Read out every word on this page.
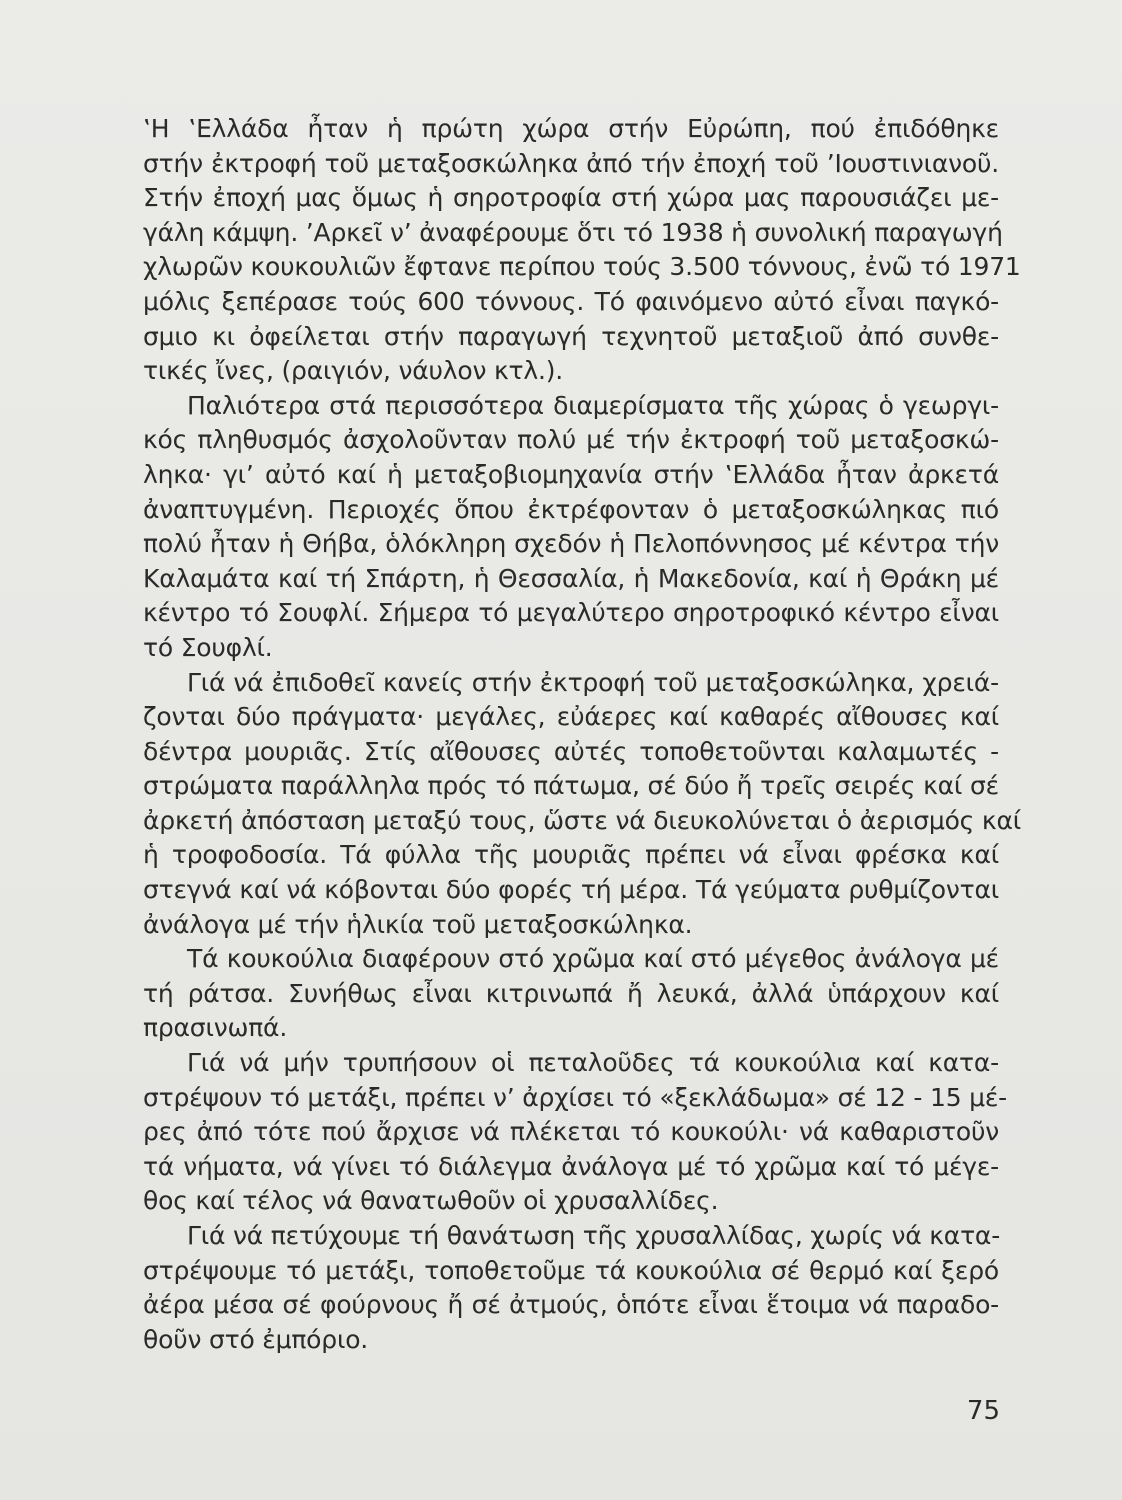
‛Η ‛Ελλάδα ἦταν ἡ πρώτη χώρα στήν Εὐρώπη, πού ἐπιδόθηκε
στήν ἐκτροφή τοῦ μεταξοσκώληκα ἀπό τήν ἐποχή τοῦ ’Ιουστινιανοῦ.
Στήν ἐποχή μας ὅμως ἡ σηροτροφία στή χώρα μας παρουσιάζει με-
γάλη κάμψη. ’Αρκεῖ ν’ ἀναφέρουμε ὅτι τό 1938 ἡ συνολική παραγωγή
χλωρῶν κουκουλιῶν ἔφτανε περίπου τούς 3.500 τόννους, ἐνῶ τό 1971
μόλις ξεπέρασε τούς 600 τόννους. Τό φαινόμενο αὐτό εἶναι παγκό-
σμιο κι ὀφείλεται στήν παραγωγή τεχνητοῦ μεταξιοῦ ἀπό συνθε-
τικές ἴνες, (ραιγιόν, νάυλον κτλ.).
Παλιότερα στά περισσότερα διαμερίσματα τῆς χώρας ὁ γεωργι-
κός πληθυσμός ἀσχολοῦνταν πολύ μέ τήν ἐκτροφή τοῦ μεταξοσκώ-
ληκα· γι’ αὐτό καί ἡ μεταξοβιομηχανία στήν ‛Ελλάδα ἦταν ἀρκετά
ἀναπτυγμένη. Περιοχές ὅπου ἐκτρέφονταν ὁ μεταξοσκώληκας πιό
πολύ ἦταν ἡ Θήβα, ὁλόκληρη σχεδόν ἡ Πελοπόννησος μέ κέντρα τήν
Καλαμάτα καί τή Σπάρτη, ἡ Θεσσαλία, ἡ Μακεδονία, καί ἡ Θράκη μέ
κέντρο τό Σουφλί. Σήμερα τό μεγαλύτερο σηροτροφικό κέντρο εἶναι
τό Σουφλί.
Γιά νά ἐπιδοθεῖ κανείς στήν ἐκτροφή τοῦ μεταξοσκώληκα, χρειά-
ζονται δύο πράγματα· μεγάλες, εὐάερες καί καθαρές αἴθουσες καί
δέντρα μουριᾶς. Στίς αἴθουσες αὐτές τοποθετοῦνται καλαμωτές -
στρώματα παράλληλα πρός τό πάτωμα, σέ δύο ἤ τρεῖς σειρές καί σέ
ἀρκετή ἀπόσταση μεταξύ τους, ὥστε νά διευκολύνεται ὁ ἀερισμός καί
ἡ τροφοδοσία. Τά φύλλα τῆς μουριᾶς πρέπει νά εἶναι φρέσκα καί
στεγνά καί νά κόβονται δύο φορές τή μέρα. Τά γεύματα ρυθμίζονται
ἀνάλογα μέ τήν ἡλικία τοῦ μεταξοσκώληκα.
Τά κουκούλια διαφέρουν στό χρῶμα καί στό μέγεθος ἀνάλογα μέ
τή ράτσα. Συνήθως εἶναι κιτρινωπά ἤ λευκά, ἀλλά ὑπάρχουν καί
πρασινωπά.
Γιά νά μήν τρυπήσουν οἱ πεταλοῦδες τά κουκούλια καί κατα-
στρέψουν τό μετάξι, πρέπει ν’ ἀρχίσει τό «ξεκλάδωμα» σέ 12 - 15 μέ-
ρες ἀπό τότε πού ἄρχισε νά πλέκεται τό κουκούλι· νά καθαριστοῦν
τά νήματα, νά γίνει τό διάλεγμα ἀνάλογα μέ τό χρῶμα καί τό μέγε-
θος καί τέλος νά θανατωθοῦν οἱ χρυσαλλίδες.
Γιά νά πετύχουμε τή θανάτωση τῆς χρυσαλλίδας, χωρίς νά κατα-
στρέψουμε τό μετάξι, τοποθετοῦμε τά κουκούλια σέ θερμό καί ξερό
ἀέρα μέσα σέ φούρνους ἤ σέ ἀτμούς, ὁπότε εἶναι ἕτοιμα νά παραδο-
θοῦν στό ἐμπόριο.
75
